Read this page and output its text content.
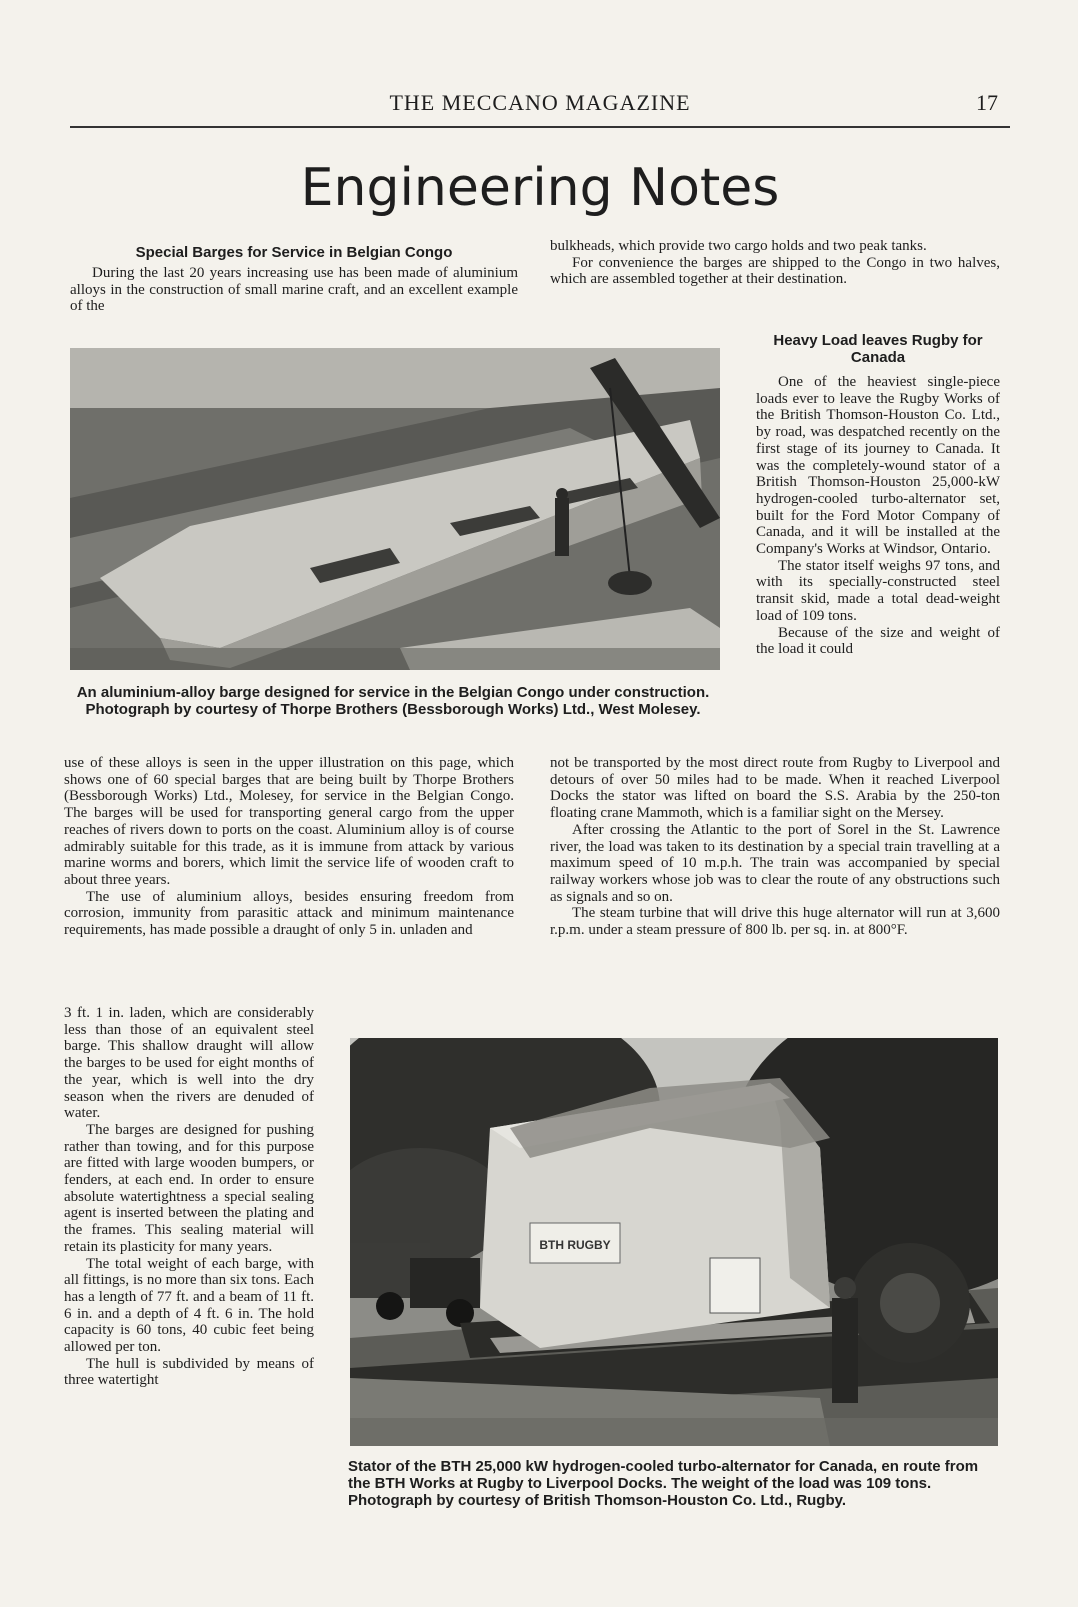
THE MECCANO MAGAZINE	17
Engineering Notes
Special Barges for Service in Belgian Congo

During the last 20 years increasing use has been made of aluminium alloys in the construction of small marine craft, and an excellent example of the

bulkheads, which provide two cargo holds and two peak tanks.

For convenience the barges are shipped to the Congo in two halves, which are assembled together at their destination.

An aluminium-alloy barge designed for service in the Belgian Congo under construction. Photograph by courtesy of Thorpe Brothers (Bessborough Works) Ltd., West Molesey.
Heavy Load leaves Rugby for Canada

One of the heaviest single-piece loads ever to leave the Rugby Works of the British Thomson-Houston Co. Ltd., by road, was despatched recently on the first stage of its journey to Canada. It was the completely-wound stator of a British Thomson-Houston 25,000-kW hydrogen-cooled turbo-alternator set, built for the Ford Motor Company of Canada, and it will be installed at the Company's Works at Windsor, Ontario.

The stator itself weighs 97 tons, and with its specially-constructed steel transit skid, made a total dead-weight load of 109 tons.

Because of the size and weight of the load it could

use of these alloys is seen in the upper illustration on this page, which shows one of 60 special barges that are being built by Thorpe Brothers (Bessborough Works) Ltd., Molesey, for service in the Belgian Congo. The barges will be used for transporting general cargo from the upper reaches of rivers down to ports on the coast. Aluminium alloy is of course admirably suitable for this trade, as it is immune from attack by various marine worms and borers, which limit the service life of wooden craft to about three years.

The use of aluminium alloys, besides ensuring freedom from corrosion, immunity from parasitic attack and minimum maintenance requirements, has made possible a draught of only 5 in. unladen and

not be transported by the most direct route from Rugby to Liverpool and detours of over 50 miles had to be made. When it reached Liverpool Docks the stator was lifted on board the S.S. Arabia by the 250-ton floating crane Mammoth, which is a familiar sight on the Mersey.

After crossing the Atlantic to the port of Sorel in the St. Lawrence river, the load was taken to its destination by a special train travelling at a maximum speed of 10 m.p.h. The train was accompanied by special railway workers whose job was to clear the route of any obstructions such as signals and so on.

The steam turbine that will drive this huge alternator will run at 3,600 r.p.m. under a steam pressure of 800 lb. per sq. in. at 800°F.

3 ft. 1 in. laden, which are considerably less than those of an equivalent steel barge. This shallow draught will allow the barges to be used for eight months of the year, which is well into the dry season when the rivers are denuded of water.

The barges are designed for pushing rather than towing, and for this purpose are fitted with large wooden bumpers, or fenders, at each end. In order to ensure absolute watertightness a special sealing agent is inserted between the plating and the frames. This sealing material will retain its plasticity for many years.

The total weight of each barge, with all fittings, is no more than six tons. Each has a length of 77 ft. and a beam of 11 ft. 6 in. and a depth of 4 ft. 6 in. The hold capacity is 60 tons, 40 cubic feet being allowed per ton.

The hull is subdivided by means of three watertight

BTH RUGBY
Stator of the BTH 25,000 kW hydrogen-cooled turbo-alternator for Canada, en route from the BTH Works at Rugby to Liverpool Docks. The weight of the load was 109 tons. Photograph by courtesy of British Thomson-Houston Co. Ltd., Rugby.
